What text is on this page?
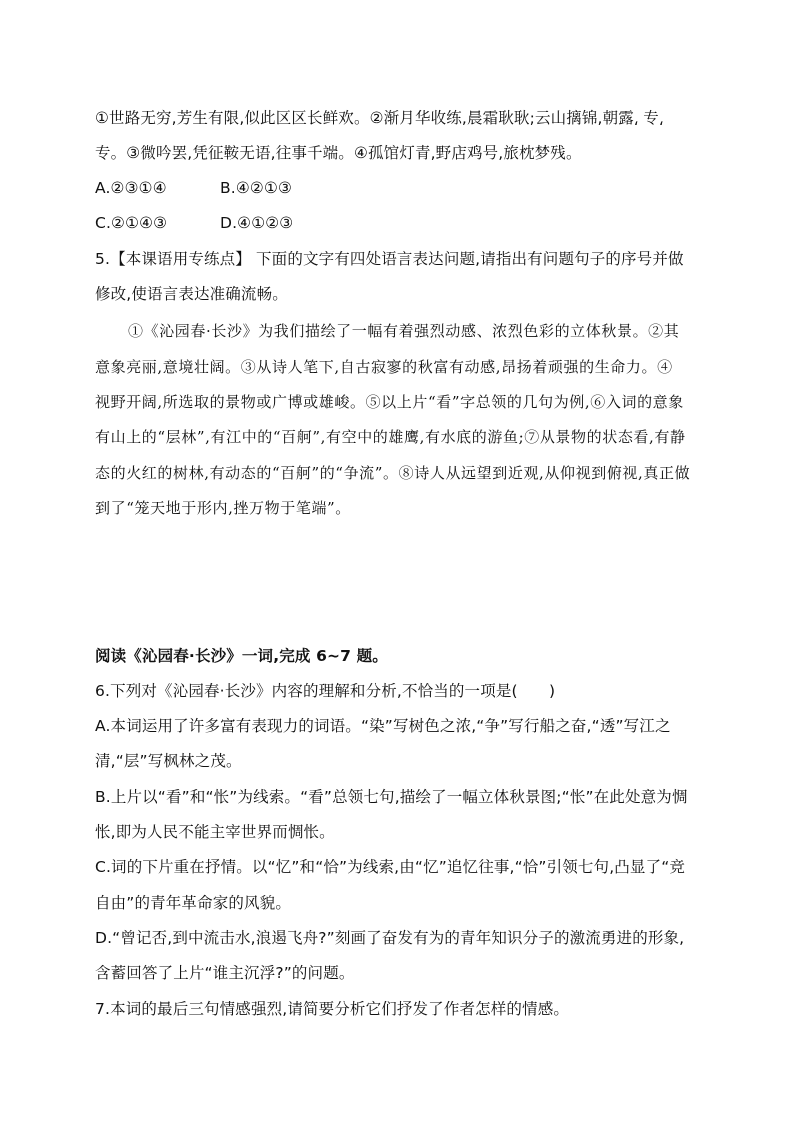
①世路无穷,芳生有限,似此区区长鲜欢。②渐月华收练,晨霜耿耿;云山摛锦,朝露⸲ 专⸲
专。③微吟罢,凭征鞍无语,往事千端。④孤馆灯青,野店鸡号,旅枕梦残。
A.②③①④	B.④②①③
C.②①④③	D.④①②③
5.【本课语用专练点】 下面的文字有四处语言表达问题,请指出有问题句子的序号并做
修改,使语言表达准确流畅。
①《沁园春·长沙》为我们描绘了一幅有着强烈动感、浓烈色彩的立体秋景。②其
意象亮丽,意境壮阔。③从诗人笔下,自古寂寥的秋富有动感,昂扬着顽强的生命力。④
视野开阔,所选取的景物或广博或雄峻。⑤以上片“看”字总领的几句为例,⑥入词的意象
有山上的“层林”,有江中的“百舸”,有空中的雄鹰,有水底的游鱼;⑦从景物的状态看,有静
态的火红的树林,有动态的“百舸”的“争流”。⑧诗人从远望到近观,从仰视到俯视,真正做
到了“笼天地于形内,挫万物于笔端”。
阅读《沁园春·长沙》一词,完成 6~7 题。
6.下列对《沁园春·长沙》内容的理解和分析,不恰当的一项是(　　)
A.本词运用了许多富有表现力的词语。“染”写树色之浓,“争”写行船之奋,“透”写江之
清,“层”写枫林之茂。
B.上片以“看”和“怅”为线索。“看”总领七句,描绘了一幅立体秋景图;“怅”在此处意为惆
怅,即为人民不能主宰世界而惆怅。
C.词的下片重在抒情。以“忆”和“恰”为线索,由“忆”追忆往事,“恰”引领七句,凸显了“竞
自由”的青年革命家的风貌。
D.“曾记否,到中流击水,浪遏飞舟?”刻画了奋发有为的青年知识分子的激流勇进的形象,
含蓄回答了上片“谁主沉浮?”的问题。
7.本词的最后三句情感强烈,请简要分析它们抒发了作者怎样的情感。
